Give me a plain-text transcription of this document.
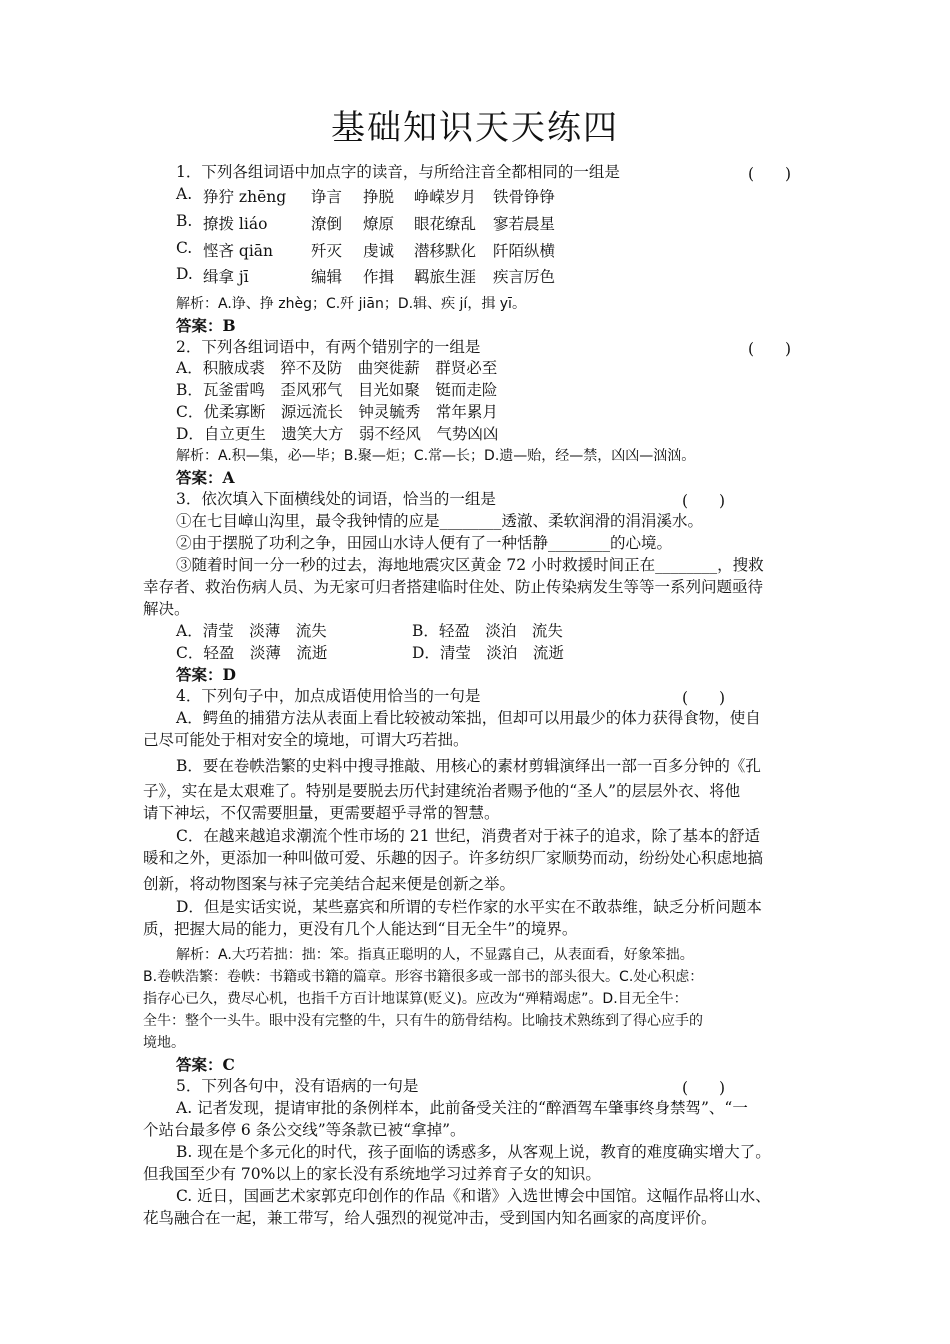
基础知识天天练四
1．下列各组词语中加点字的读音，与所给注音全都相同的一组是	(　　)
A. 狰狞 zhēng 诤言 挣脱 峥嵘岁月 铁骨铮铮
B. 撩拨 liáo	潦倒 燎原 眼花缭乱 寥若晨星
C. 悭吝 qiān 歼灭 虔诚 潜移默化 阡陌纵横
D. 缉拿 jī	编辑 作揖 羁旅生涯 疾言厉色
解析：A.诤、挣 zhèg；C.歼 jiān；D.辑、疾 jí，揖 yī。
答案：B
2．下列各组词语中，有两个错别字的一组是	(　　)
A．积腋成裘　猝不及防　曲突徙薪　群贤必至
B．瓦釜雷鸣　歪风邪气　目光如聚　铤而走险
C．优柔寡断　源远流长　钟灵毓秀　常年累月
D．自立更生　遗笑大方　弱不经风　气势凶凶
解析：A.积—集，必—毕；B.聚—炬；C.常—长；D.遗—贻，经—禁，凶凶—汹汹。
答案：A
3．依次填入下面横线处的词语，恰当的一组是	(　　)
①在七目嶂山沟里，最令我钟情的应是________透澈、柔软润滑的涓涓溪水。
②由于摆脱了功利之争，田园山水诗人便有了一种恬静________的心境。
③随着时间一分一秒的过去，海地地震灾区黄金 72 小时救援时间正在________，搜救
幸存者、救治伤病人员、为无家可归者搭建临时住处、防止传染病发生等等一系列问题亟待
解决。
A．清莹　淡薄　流失	B．轻盈　淡泊　流失
C．轻盈　淡薄　流逝	D．清莹　淡泊　流逝
答案：D
4．下列句子中，加点成语使用恰当的一句是	(　　)
A．鳄鱼的捕猎方法从表面上看比较被动笨拙，但却可以用最少的体力获得食物，使自
己尽可能处于相对安全的境地，可谓大巧若拙。
B．要在卷帙浩繁的史料中搜寻推敲、用核心的素材剪辑演绎出一部一百多分钟的《孔
子》，实在是太艰难了。特别是要脱去历代封建统治者赐予他的“圣人”的层层外衣、将他
请下神坛，不仅需要胆量，更需要超乎寻常的智慧。
C．在越来越追求潮流个性市场的 21 世纪，消费者对于袜子的追求，除了基本的舒适
暖和之外，更添加一种叫做可爱、乐趣的因子。许多纺织厂家顺势而动，纷纷处心积虑地搞
创新，将动物图案与袜子完美结合起来便是创新之举。
D．但是实话实说，某些嘉宾和所谓的专栏作家的水平实在不敢恭维，缺乏分析问题本
质，把握大局的能力，更没有几个人能达到“目无全牛”的境界。
解析：A.大巧若拙：拙：笨。指真正聪明的人，不显露自己，从表面看，好象笨拙。
B.卷帙浩繁：卷帙：书籍或书籍的篇章。形容书籍很多或一部书的部头很大。C.处心积虑：
指存心已久，费尽心机，也指千方百计地谋算(贬义)。应改为“殚精竭虑”。D.目无全牛：
全牛：整个一头牛。眼中没有完整的牛，只有牛的筋骨结构。比喻技术熟练到了得心应手的
境地。
答案：C
5．下列各句中，没有语病的一句是	(　　)
A. 记者发现，提请审批的条例样本，此前备受关注的“醉酒驾车肇事终身禁驾”、“一
个站台最多停 6 条公交线”等条款已被“拿掉”。
B. 现在是个多元化的时代，孩子面临的诱惑多，从客观上说，教育的难度确实增大了。
但我国至少有 70%以上的家长没有系统地学习过养育子女的知识。
C. 近日，国画艺术家郭克印创作的作品《和谐》入选世博会中国馆。这幅作品将山水、
花鸟融合在一起，兼工带写，给人强烈的视觉冲击，受到国内知名画家的高度评价。
